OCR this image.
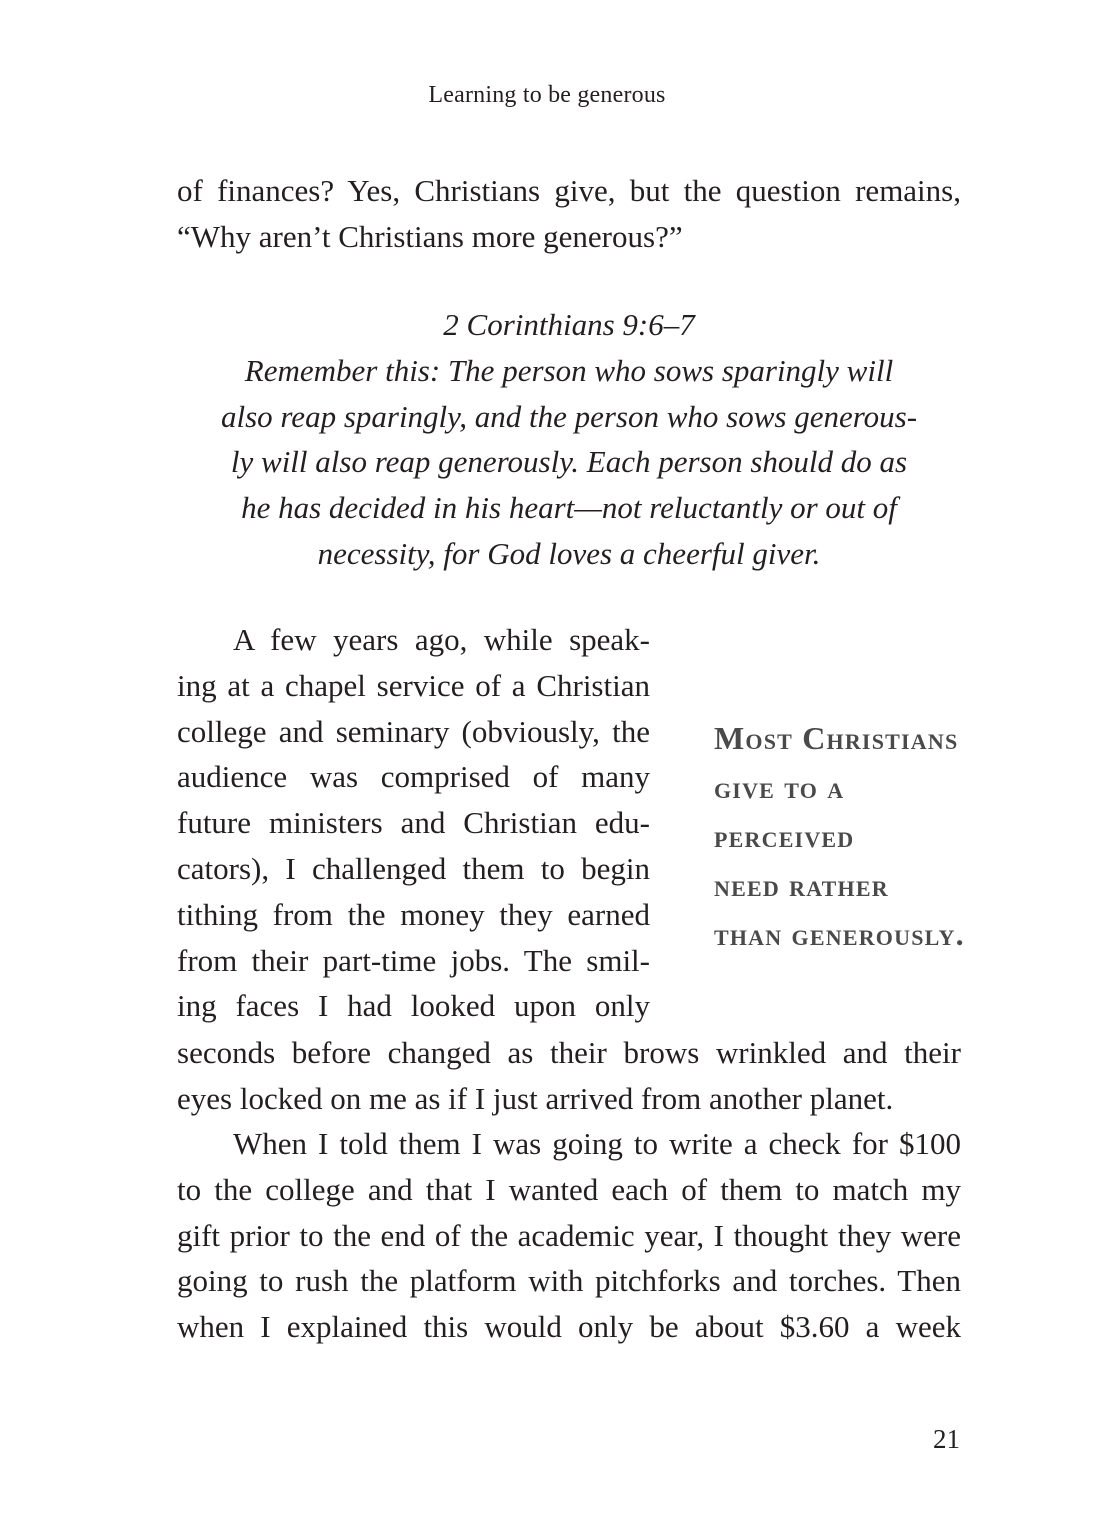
Learning to be generous
of finances? Yes, Christians give, but the question remains,
“Why aren’t Christians more generous?”
2 Corinthians 9:6–7
Remember this: The person who sows sparingly will
also reap sparingly, and the person who sows generous-
ly will also reap generously. Each person should do as
he has decided in his heart—not reluctantly or out of
necessity, for God loves a cheerful giver.
A few years ago, while speak-
ing at a chapel service of a Christian
college and seminary (obviously, the
audience was comprised of many
future ministers and Christian edu-
cators), I challenged them to begin
tithing from the money they earned
from their part-time jobs. The smil-
ing faces I had looked upon only
seconds before changed as their brows wrinkled and their
eyes locked on me as if I just arrived from another planet.
When I told them I was going to write a check for $100
to the college and that I wanted each of them to match my
gift prior to the end of the academic year, I thought they were
going to rush the platform with pitchforks and torches. Then
when I explained this would only be about $3.60 a week
Most Christians
give to a
perceived
need rather
than generously.
21
